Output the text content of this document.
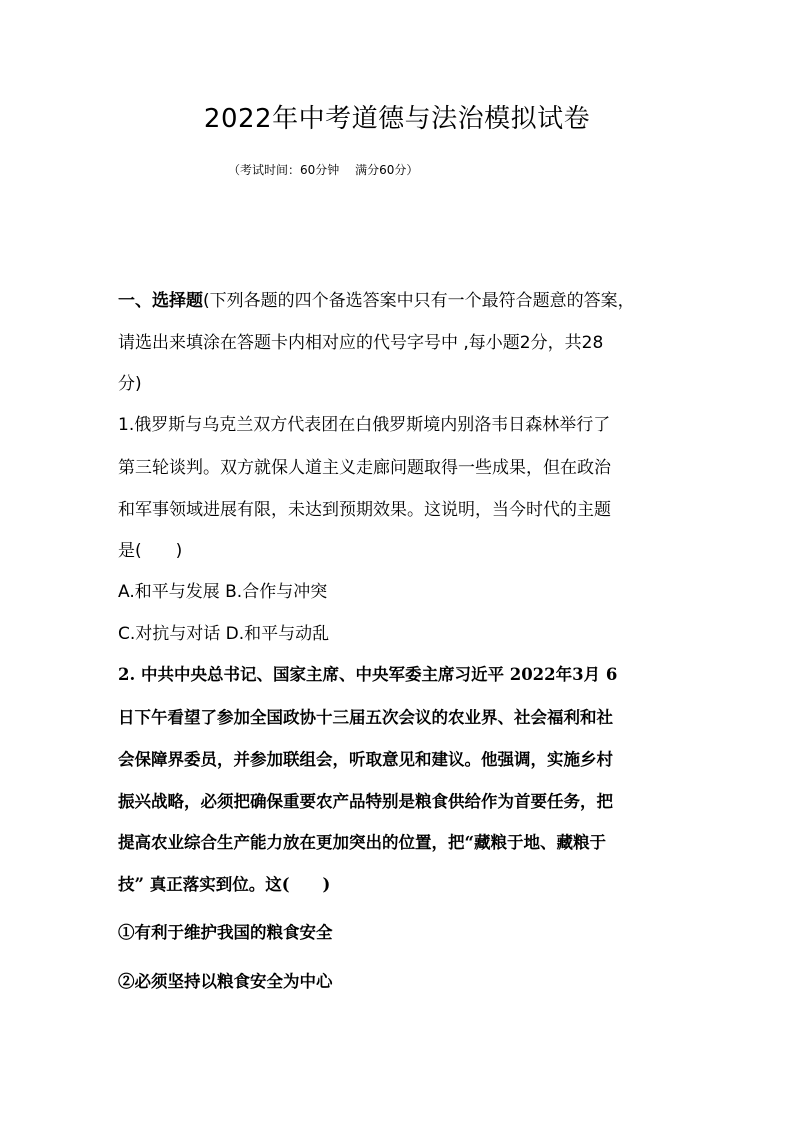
2022年中考道德与法治模拟试卷
（考试时间：60分钟　 满分60分）
一、选择题(下列各题的四个备选答案中只有一个最符合题意的答案，
请选出来填涂在答题卡内相对应的代号字号中 ,每小题2分，共28
分)
1.俄罗斯与乌克兰双方代表团在白俄罗斯境内别洛韦日森林举行了
第三轮谈判。双方就保人道主义走廊问题取得一些成果，但在政治
和军事领域进展有限，未达到预期效果。这说明，当今时代的主题
是(　　)
A.和平与发展 B.合作与冲突
C.对抗与对话 D.和平与动乱
2. 中共中央总书记、国家主席、中央军委主席习近平 2022年3月 6
日下午看望了参加全国政协十三届五次会议的农业界、社会福利和社
会保障界委员，并参加联组会，听取意见和建议。他强调，实施乡村
振兴战略，必须把确保重要农产品特别是粮食供给作为首要任务，把
提高农业综合生产能力放在更加突出的位置，把“藏粮于地、藏粮于
技” 真正落实到位。这(　　)
①有利于维护我国的粮食安全
②必须坚持以粮食安全为中心
